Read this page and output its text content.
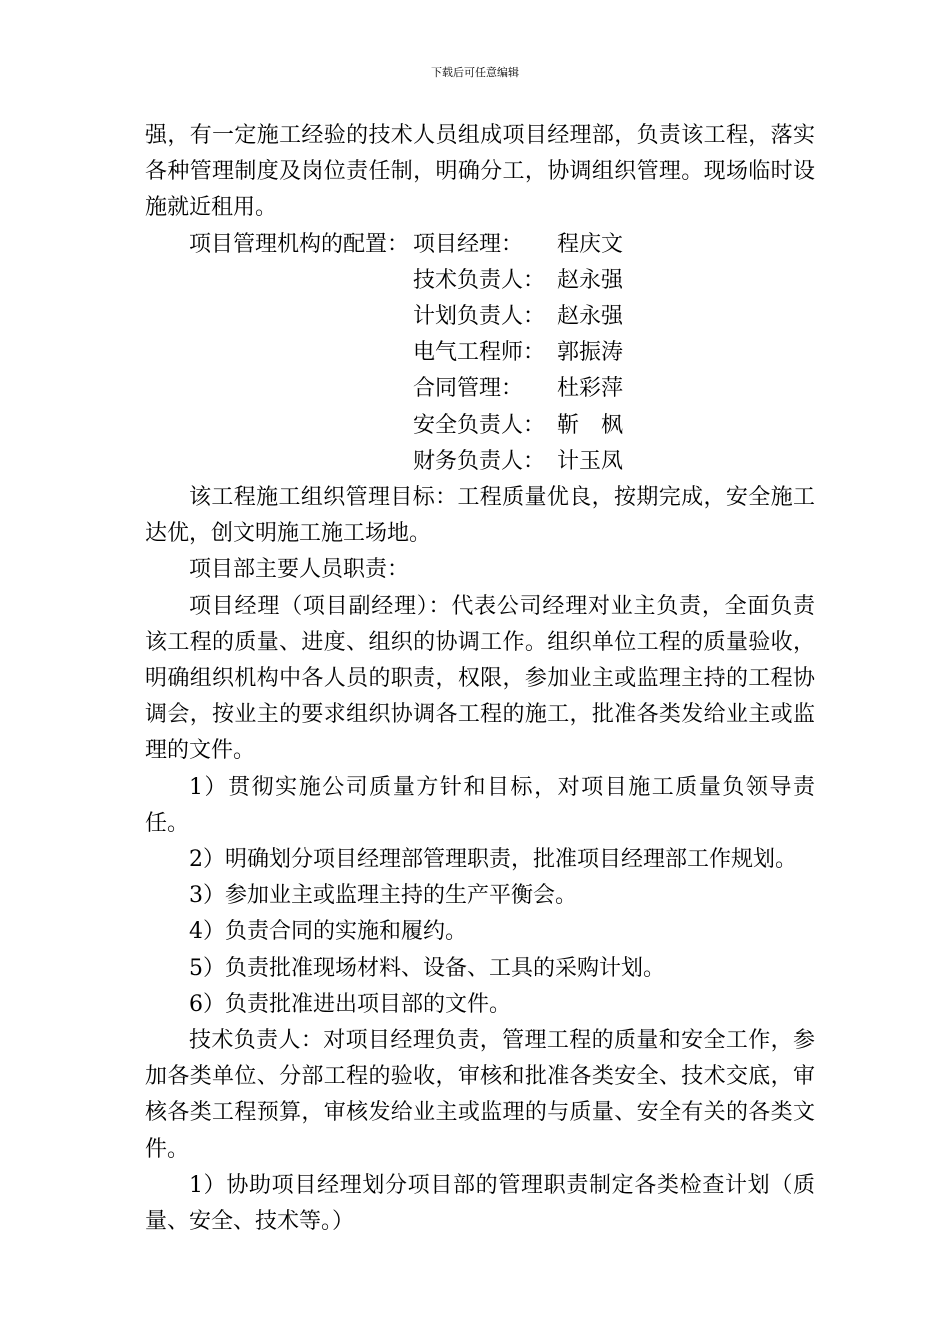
下载后可任意编辑

强，有一定施工经验的技术人员组成项目经理部，负责该工程，落实各种管理制度及岗位责任制，明确分工，协调组织管理。现场临时设施就近租用。

项目管理机构的配置： 项目经理：	程庆文
技术负责人： 赵永强
计划负责人： 赵永强
电气工程师： 郭振涛
合同管理：	杜彩萍
安全负责人： 靳　枫
财务负责人： 计玉凤

该工程施工组织管理目标：工程质量优良，按期完成，安全施工达优，创文明施工施工场地。

项目部主要人员职责：

项目经理（项目副经理）：代表公司经理对业主负责，全面负责该工程的质量、进度、组织的协调工作。组织单位工程的质量验收，明确组织机构中各人员的职责，权限，参加业主或监理主持的工程协调会，按业主的要求组织协调各工程的施工，批准各类发给业主或监理的文件。

1）贯彻实施公司质量方针和目标，对项目施工质量负领导责任。

2）明确划分项目经理部管理职责，批准项目经理部工作规划。

3）参加业主或监理主持的生产平衡会。

4）负责合同的实施和履约。

5）负责批准现场材料、设备、工具的采购计划。

6）负责批准进出项目部的文件。

技术负责人：对项目经理负责，管理工程的质量和安全工作，参加各类单位、分部工程的验收，审核和批准各类安全、技术交底，审核各类工程预算，审核发给业主或监理的与质量、安全有关的各类文件。

1）协助项目经理划分项目部的管理职责制定各类检查计划（质量、安全、技术等。）
